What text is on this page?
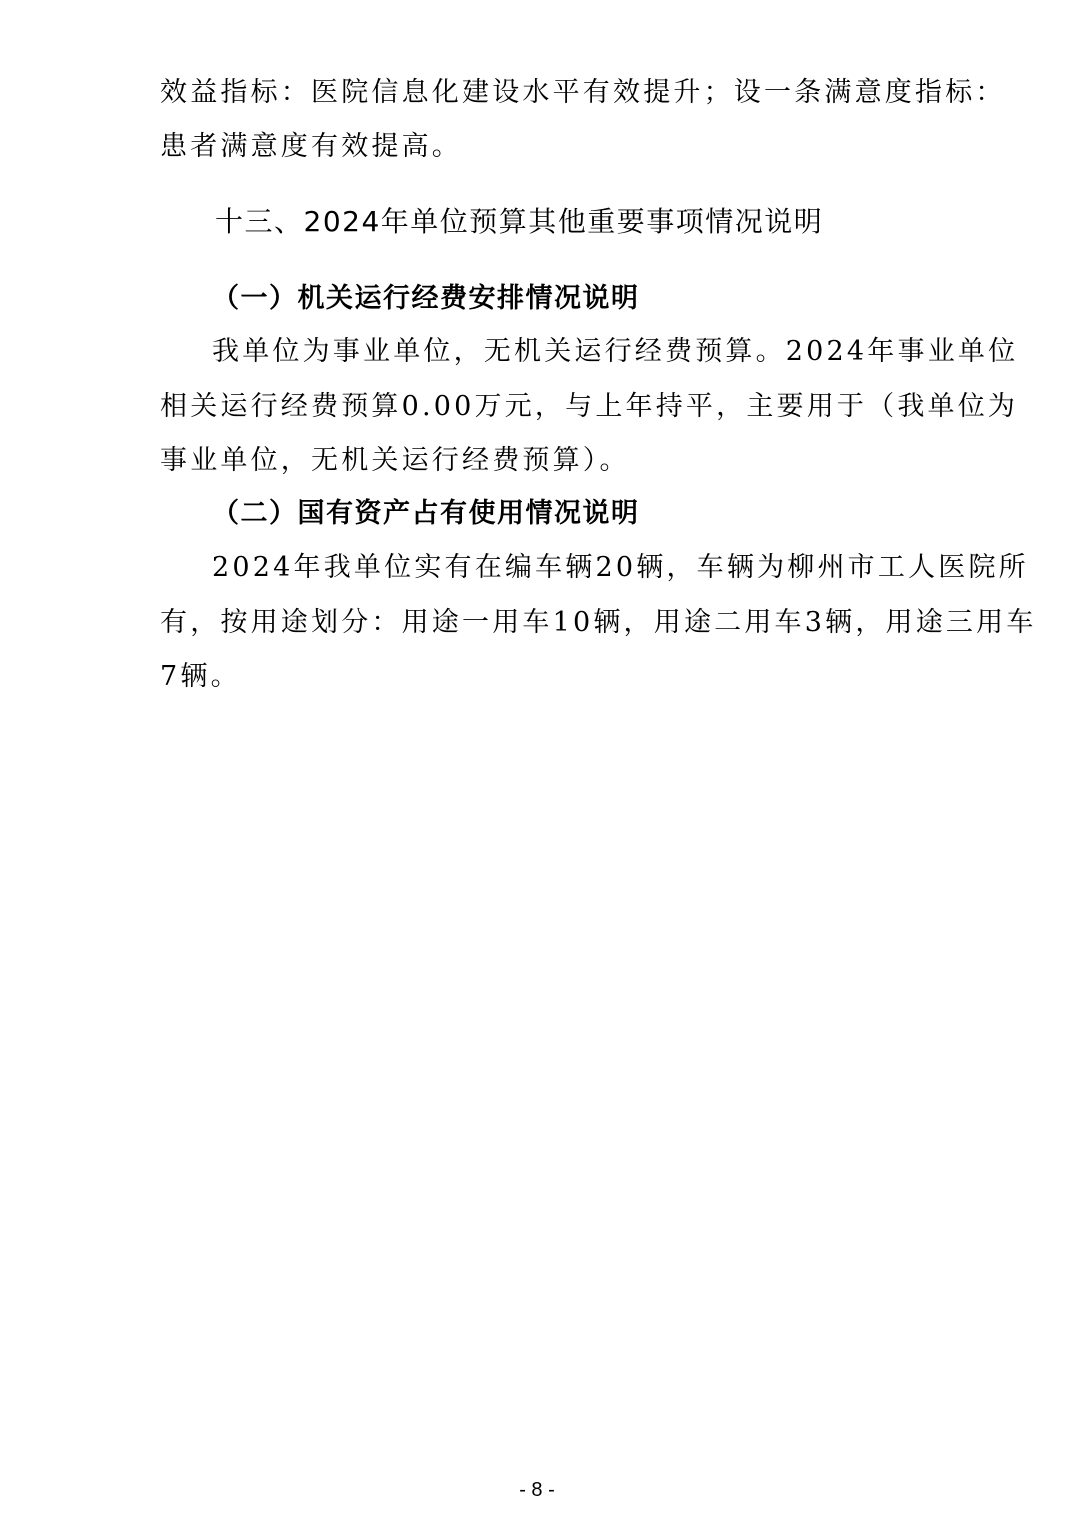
效益指标：医院信息化建设水平有效提升；设一条满意度指标：
患者满意度有效提高。
十三、2024年单位预算其他重要事项情况说明
（一）机关运行经费安排情况说明
我单位为事业单位，无机关运行经费预算。2024年事业单位
相关运行经费预算0.00万元，与上年持平，主要用于（我单位为
事业单位，无机关运行经费预算）。
（二）国有资产占有使用情况说明
2024年我单位实有在编车辆20辆，车辆为柳州市工人医院所
有，按用途划分：用途一用车10辆，用途二用车3辆，用途三用车
7辆。
- 8 -
